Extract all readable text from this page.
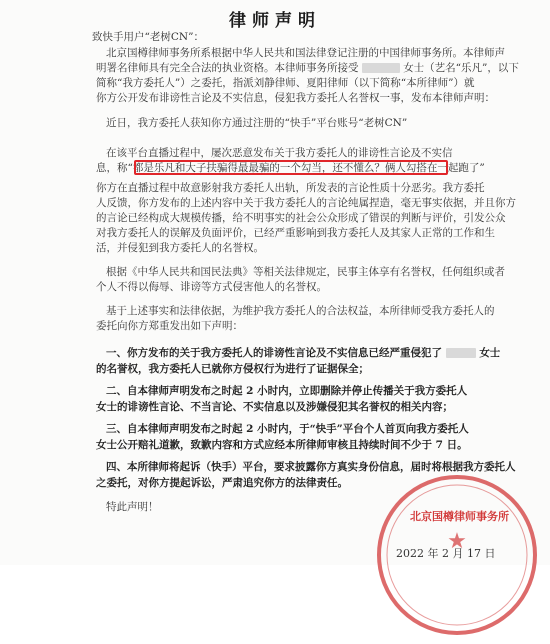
律师声明
致快手用户“老树CN”：
北京国樽律师事务所系根据中华人民共和国法律登记注册的中国律师事务所。本律师声
明署名律师具有完全合法的执业资格。本律师事务所接受	女士（艺名“乐凡”，以下
简称“我方委托人”）之委托，指派刘静律师、夏阳律师（以下简称“本所律师”）就
你方公开发布诽谤性言论及不实信息，侵犯我方委托人名誉权一事，发布本律师声明：
近日，我方委托人获知你方通过注册的“快手”平台账号“老树CN”
在该平台直播过程中，屡次恶意发布关于我方委托人的诽谤性言论及不实信
息，称“都是乐凡和大子扶骗得最最骗的一个勾当，还不懂么？俩人勾搭在一起跑了”
你方在直播过程中故意影射我方委托人出轨，所发表的言论性质十分恶劣。我方委托
人反馈，你方发布的上述内容中关于我方委托人的言论纯属捏造，毫无事实依据，并且你方
的言论已经构成大规模传播，给不明事实的社会公众形成了错误的判断与评价，引发公众
对我方委托人的误解及负面评价，已经严重影响到我方委托人及其家人正常的工作和生
活，并侵犯到我方委托人的名誉权。
根据《中华人民共和国民法典》等相关法律规定，民事主体享有名誉权，任何组织或者
个人不得以侮辱、诽谤等方式侵害他人的名誉权。
基于上述事实和法律依据，为维护我方委托人的合法权益，本所律师受我方委托人的
委托向你方郑重发出如下声明：
一、你方发布的关于我方委托人的诽谤性言论及不实信息已经严重侵犯了	女士
的名誉权，我方委托人已就你方侵权行为进行了证据保全；
二、自本律师声明发布之时起 2 小时内，立即删除并停止传播关于我方委托人
女士的诽谤性言论、不当言论、不实信息以及涉嫌侵犯其名誉权的相关内容；
三、自本律师声明发布之时起 2 小时内，于“快手”平台个人首页向我方委托人
女士公开赔礼道歉，致歉内容和方式应经本所律师审核且持续时间不少于 7 日。
四、本所律师将起诉（快手）平台，要求披露你方真实身份信息，届时将根据我方委托人
之委托，对你方提起诉讼，严肃追究你方的法律责任。
特此声明！
★
北京国樽律师事务所
2022 年 2 月 17 日
